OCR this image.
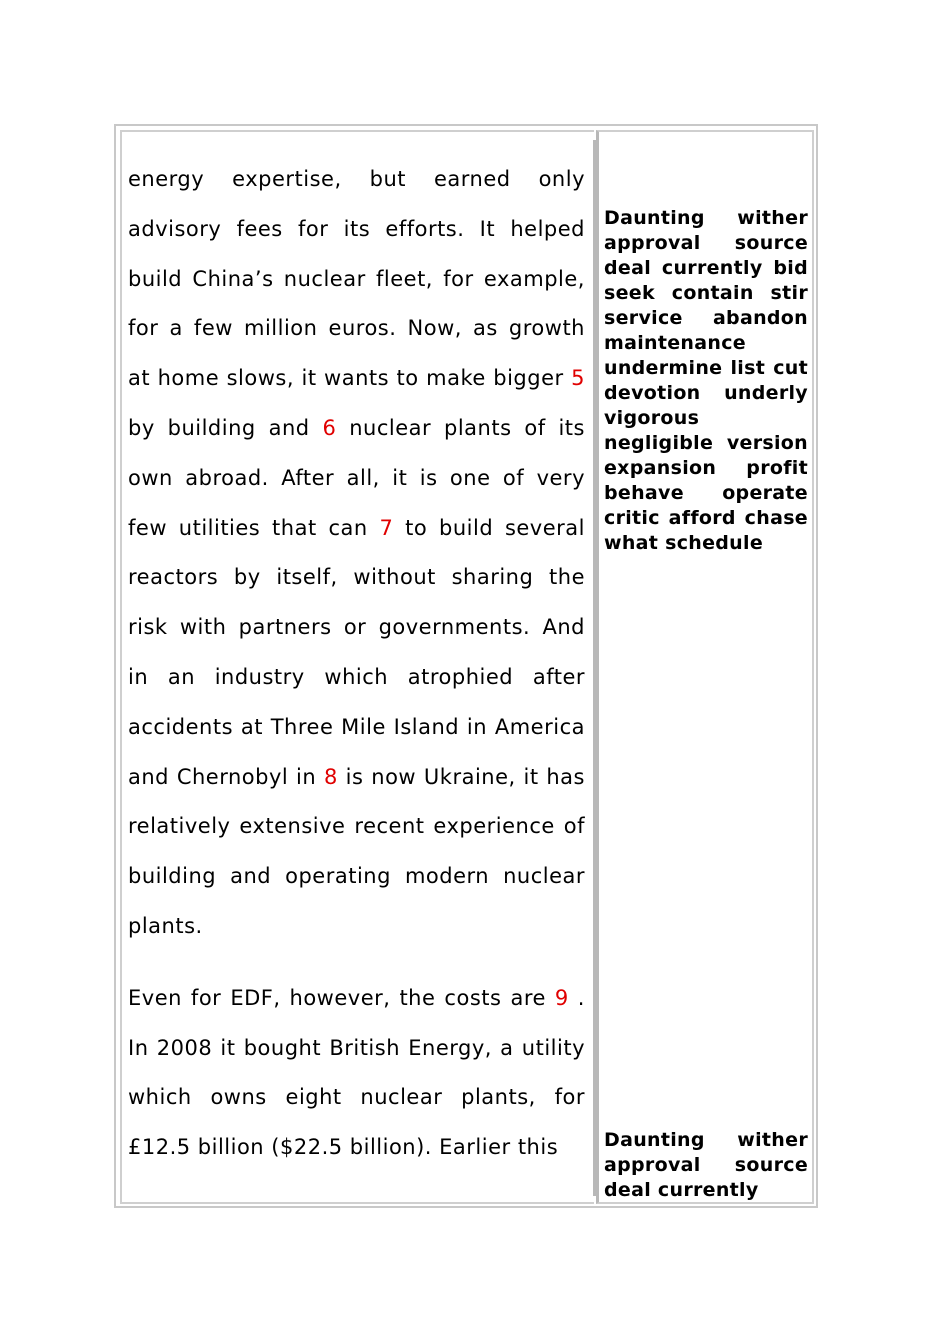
energy expertise, but earned only advisory fees for its efforts. It helped build China’s nuclear fleet, for example, for a few million euros. Now, as growth at home slows, it wants to make bigger 5 by building and 6 nuclear plants of its own abroad. After all, it is one of very few utilities that can 7 to build several reactors by itself, without sharing the risk with partners or governments. And in an industry which atrophied after accidents at Three Mile Island in America and Chernobyl in 8 is now Ukraine, it has relatively extensive recent experience of building and operating modern nuclear plants.

Even for EDF, however, the costs are 9 . In 2008 it bought British Energy, a utility which owns eight nuclear plants, for £12.5 billion ($22.5 billion). Earlier this

Daunting wither approval source deal currently bid seek contain stir service abandon maintenance undermine list cut devotion underly vigorous negligible version expansion profit behave operate critic afford chase what schedule
Daunting wither approval source deal currently
